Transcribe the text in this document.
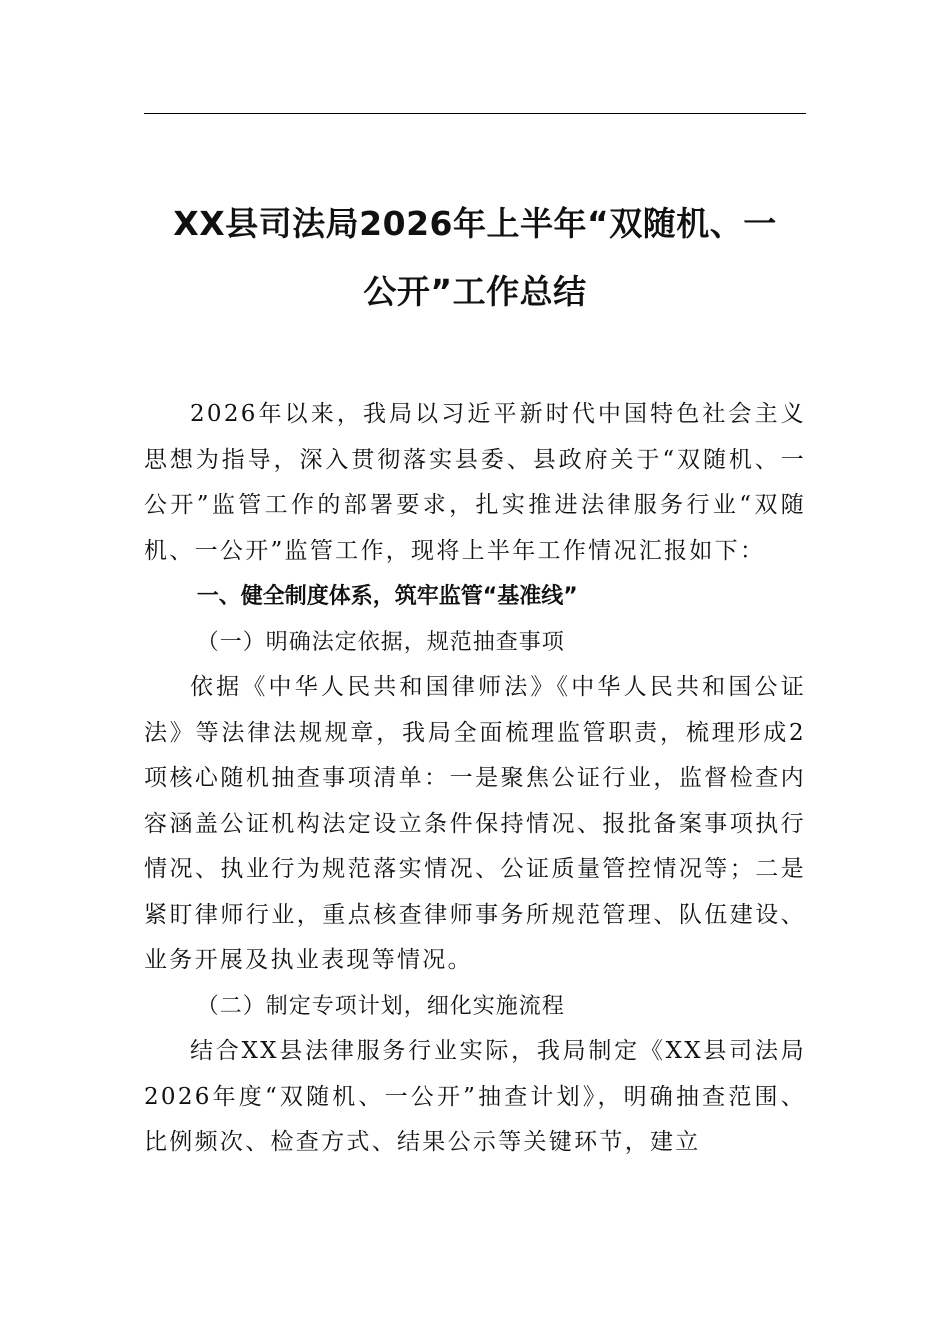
XX县司法局2026年上半年“双随机、一
公开”工作总结

2026年以来，我局以习近平新时代中国特色社会主义思想为指导，深入贯彻落实县委、县政府关于“双随机、一公开”监管工作的部署要求，扎实推进法律服务行业“双随机、一公开”监管工作，现将上半年工作情况汇报如下：

一、健全制度体系，筑牢监管“基准线”

（一）明确法定依据，规范抽查事项

依据《中华人民共和国律师法》《中华人民共和国公证法》等法律法规规章，我局全面梳理监管职责，梳理形成2项核心随机抽查事项清单：一是聚焦公证行业，监督检查内容涵盖公证机构法定设立条件保持情况、报批备案事项执行情况、执业行为规范落实情况、公证质量管控情况等；二是紧盯律师行业，重点核查律师事务所规范管理、队伍建设、业务开展及执业表现等情况。

（二）制定专项计划，细化实施流程

结合XX县法律服务行业实际，我局制定《XX县司法局2026年度“双随机、一公开”抽查计划》，明确抽查范围、比例频次、检查方式、结果公示等关键环节，建立
